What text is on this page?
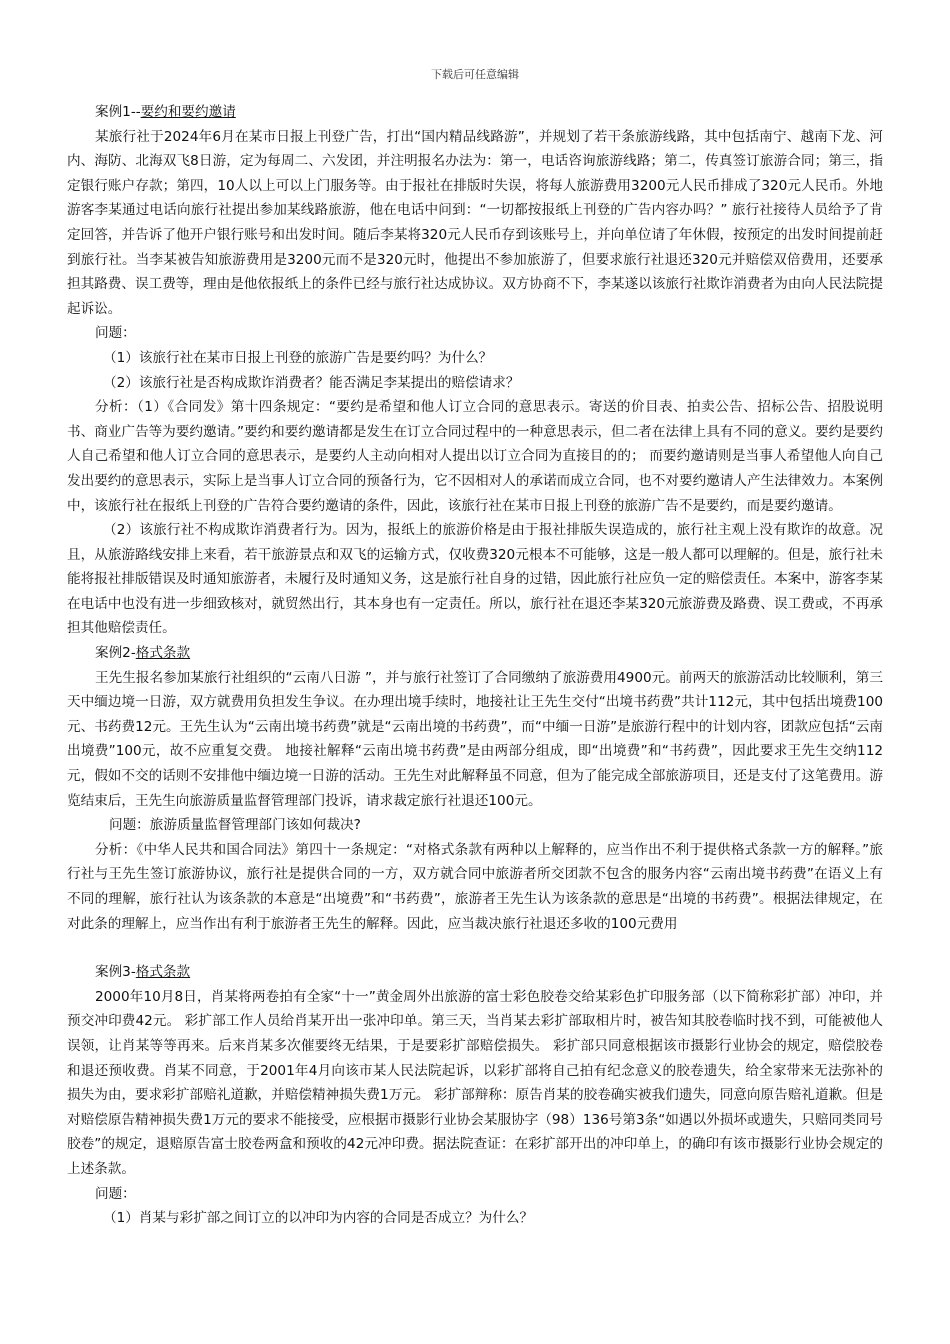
下载后可任意编辑

案例1--要约和要约邀请

某旅行社于2024年6月在某市日报上刊登广告，打出“国内精品线路游”，并规划了若干条旅游线路，其中包括南宁、越南下龙、河内、海防、北海双飞8日游，定为每周二、六发团，并注明报名办法为：第一，电话咨询旅游线路；第二，传真签订旅游合同；第三，指定银行账户存款；第四，10人以上可以上门服务等。由于报社在排版时失误，将每人旅游费用3200元人民币排成了320元人民币。外地游客李某通过电话向旅行社提出参加某线路旅游，他在电话中问到：“一切都按报纸上刊登的广告内容办吗？” 旅行社接待人员给予了肯定回答，并告诉了他开户银行账号和出发时间。随后李某将320元人民币存到该账号上，并向单位请了年休假，按预定的出发时间提前赶到旅行社。当李某被告知旅游费用是3200元而不是320元时，他提出不参加旅游了，但要求旅行社退还320元并赔偿双倍费用，还要承担其路费、误工费等，理由是他依报纸上的条件已经与旅行社达成协议。双方协商不下，李某遂以该旅行社欺诈消费者为由向人民法院提起诉讼。

问题：

（1）该旅行社在某市日报上刊登的旅游广告是要约吗？为什么？

（2）该旅行社是否构成欺诈消费者？能否满足李某提出的赔偿请求？

分析：（1）《合同发》第十四条规定：“要约是希望和他人订立合同的意思表示。寄送的价目表、拍卖公告、招标公告、招股说明书、商业广告等为要约邀请。”要约和要约邀请都是发生在订立合同过程中的一种意思表示，但二者在法律上具有不同的意义。要约是要约人自己希望和他人订立合同的意思表示，是要约人主动向相对人提出以订立合同为直接目的的； 而要约邀请则是当事人希望他人向自己发出要约的意思表示，实际上是当事人订立合同的预备行为，它不因相对人的承诺而成立合同，也不对要约邀请人产生法律效力。本案例中，该旅行社在报纸上刊登的广告符合要约邀请的条件，因此，该旅行社在某市日报上刊登的旅游广告不是要约，而是要约邀请。

（2）该旅行社不构成欺诈消费者行为。因为，报纸上的旅游价格是由于报社排版失误造成的，旅行社主观上没有欺诈的故意。况且，从旅游路线安排上来看，若干旅游景点和双飞的运输方式，仅收费320元根本不可能够，这是一般人都可以理解的。但是，旅行社未能将报社排版错误及时通知旅游者，未履行及时通知义务，这是旅行社自身的过错，因此旅行社应负一定的赔偿责任。本案中，游客李某在电话中也没有进一步细致核对，就贸然出行，其本身也有一定责任。所以，旅行社在退还李某320元旅游费及路费、误工费或，不再承担其他赔偿责任。

案例2-格式条款

王先生报名参加某旅行社组织的“云南八日游 ”，并与旅行社签订了合同缴纳了旅游费用4900元。前两天的旅游活动比较顺利，第三天中缅边境一日游，双方就费用负担发生争议。在办理出境手续时，地接社让王先生交付“出境书药费”共计112元，其中包括出境费100元、书药费12元。王先生认为“云南出境书药费”就是“云南出境的书药费”，而“中缅一日游”是旅游行程中的计划内容，团款应包括“云南出境费”100元，故不应重复交费。 地接社解释“云南出境书药费”是由两部分组成，即“出境费”和“书药费”，因此要求王先生交纳112元，假如不交的话则不安排他中缅边境一日游的活动。王先生对此解释虽不同意，但为了能完成全部旅游项目，还是支付了这笔费用。游览结束后，王先生向旅游质量监督管理部门投诉，请求裁定旅行社退还100元。

问题：旅游质量监督管理部门该如何裁决?

分析：《中华人民共和国合同法》第四十一条规定：“对格式条款有两种以上解释的，应当作出不利于提供格式条款一方的解释。”旅行社与王先生签订旅游协议，旅行社是提供合同的一方，双方就合同中旅游者所交团款不包含的服务内容“云南出境书药费”在语义上有不同的理解，旅行社认为该条款的本意是“出境费”和“书药费”，旅游者王先生认为该条款的意思是“出境的书药费”。根据法律规定，在对此条的理解上，应当作出有利于旅游者王先生的解释。因此，应当裁决旅行社退还多收的100元费用

案例3-格式条款

2000年10月8日，肖某将两卷拍有全家“十一”黄金周外出旅游的富士彩色胶卷交给某彩色扩印服务部（以下简称彩扩部）冲印，并预交冲印费42元。 彩扩部工作人员给肖某开出一张冲印单。第三天，当肖某去彩扩部取相片时，被告知其胶卷临时找不到，可能被他人误领，让肖某等等再来。后来肖某多次催要终无结果，于是要彩扩部赔偿损失。 彩扩部只同意根据该市摄影行业协会的规定，赔偿胶卷和退还预收费。肖某不同意，于2001年4月向该市某人民法院起诉，以彩扩部将自己拍有纪念意义的胶卷遗失，给全家带来无法弥补的损失为由，要求彩扩部赔礼道歉，并赔偿精神损失费1万元。 彩扩部辩称：原告肖某的胶卷确实被我们遗失，同意向原告赔礼道歉。但是对赔偿原告精神损失费1万元的要求不能接受，应根据市摄影行业协会某服协字（98）136号第3条“如遇以外损坏或遗失，只赔同类同号胶卷”的规定，退赔原告富士胶卷两盒和预收的42元冲印费。据法院查证：在彩扩部开出的冲印单上，的确印有该市摄影行业协会规定的上述条款。

问题：

（1）肖某与彩扩部之间订立的以冲印为内容的合同是否成立？为什么？
